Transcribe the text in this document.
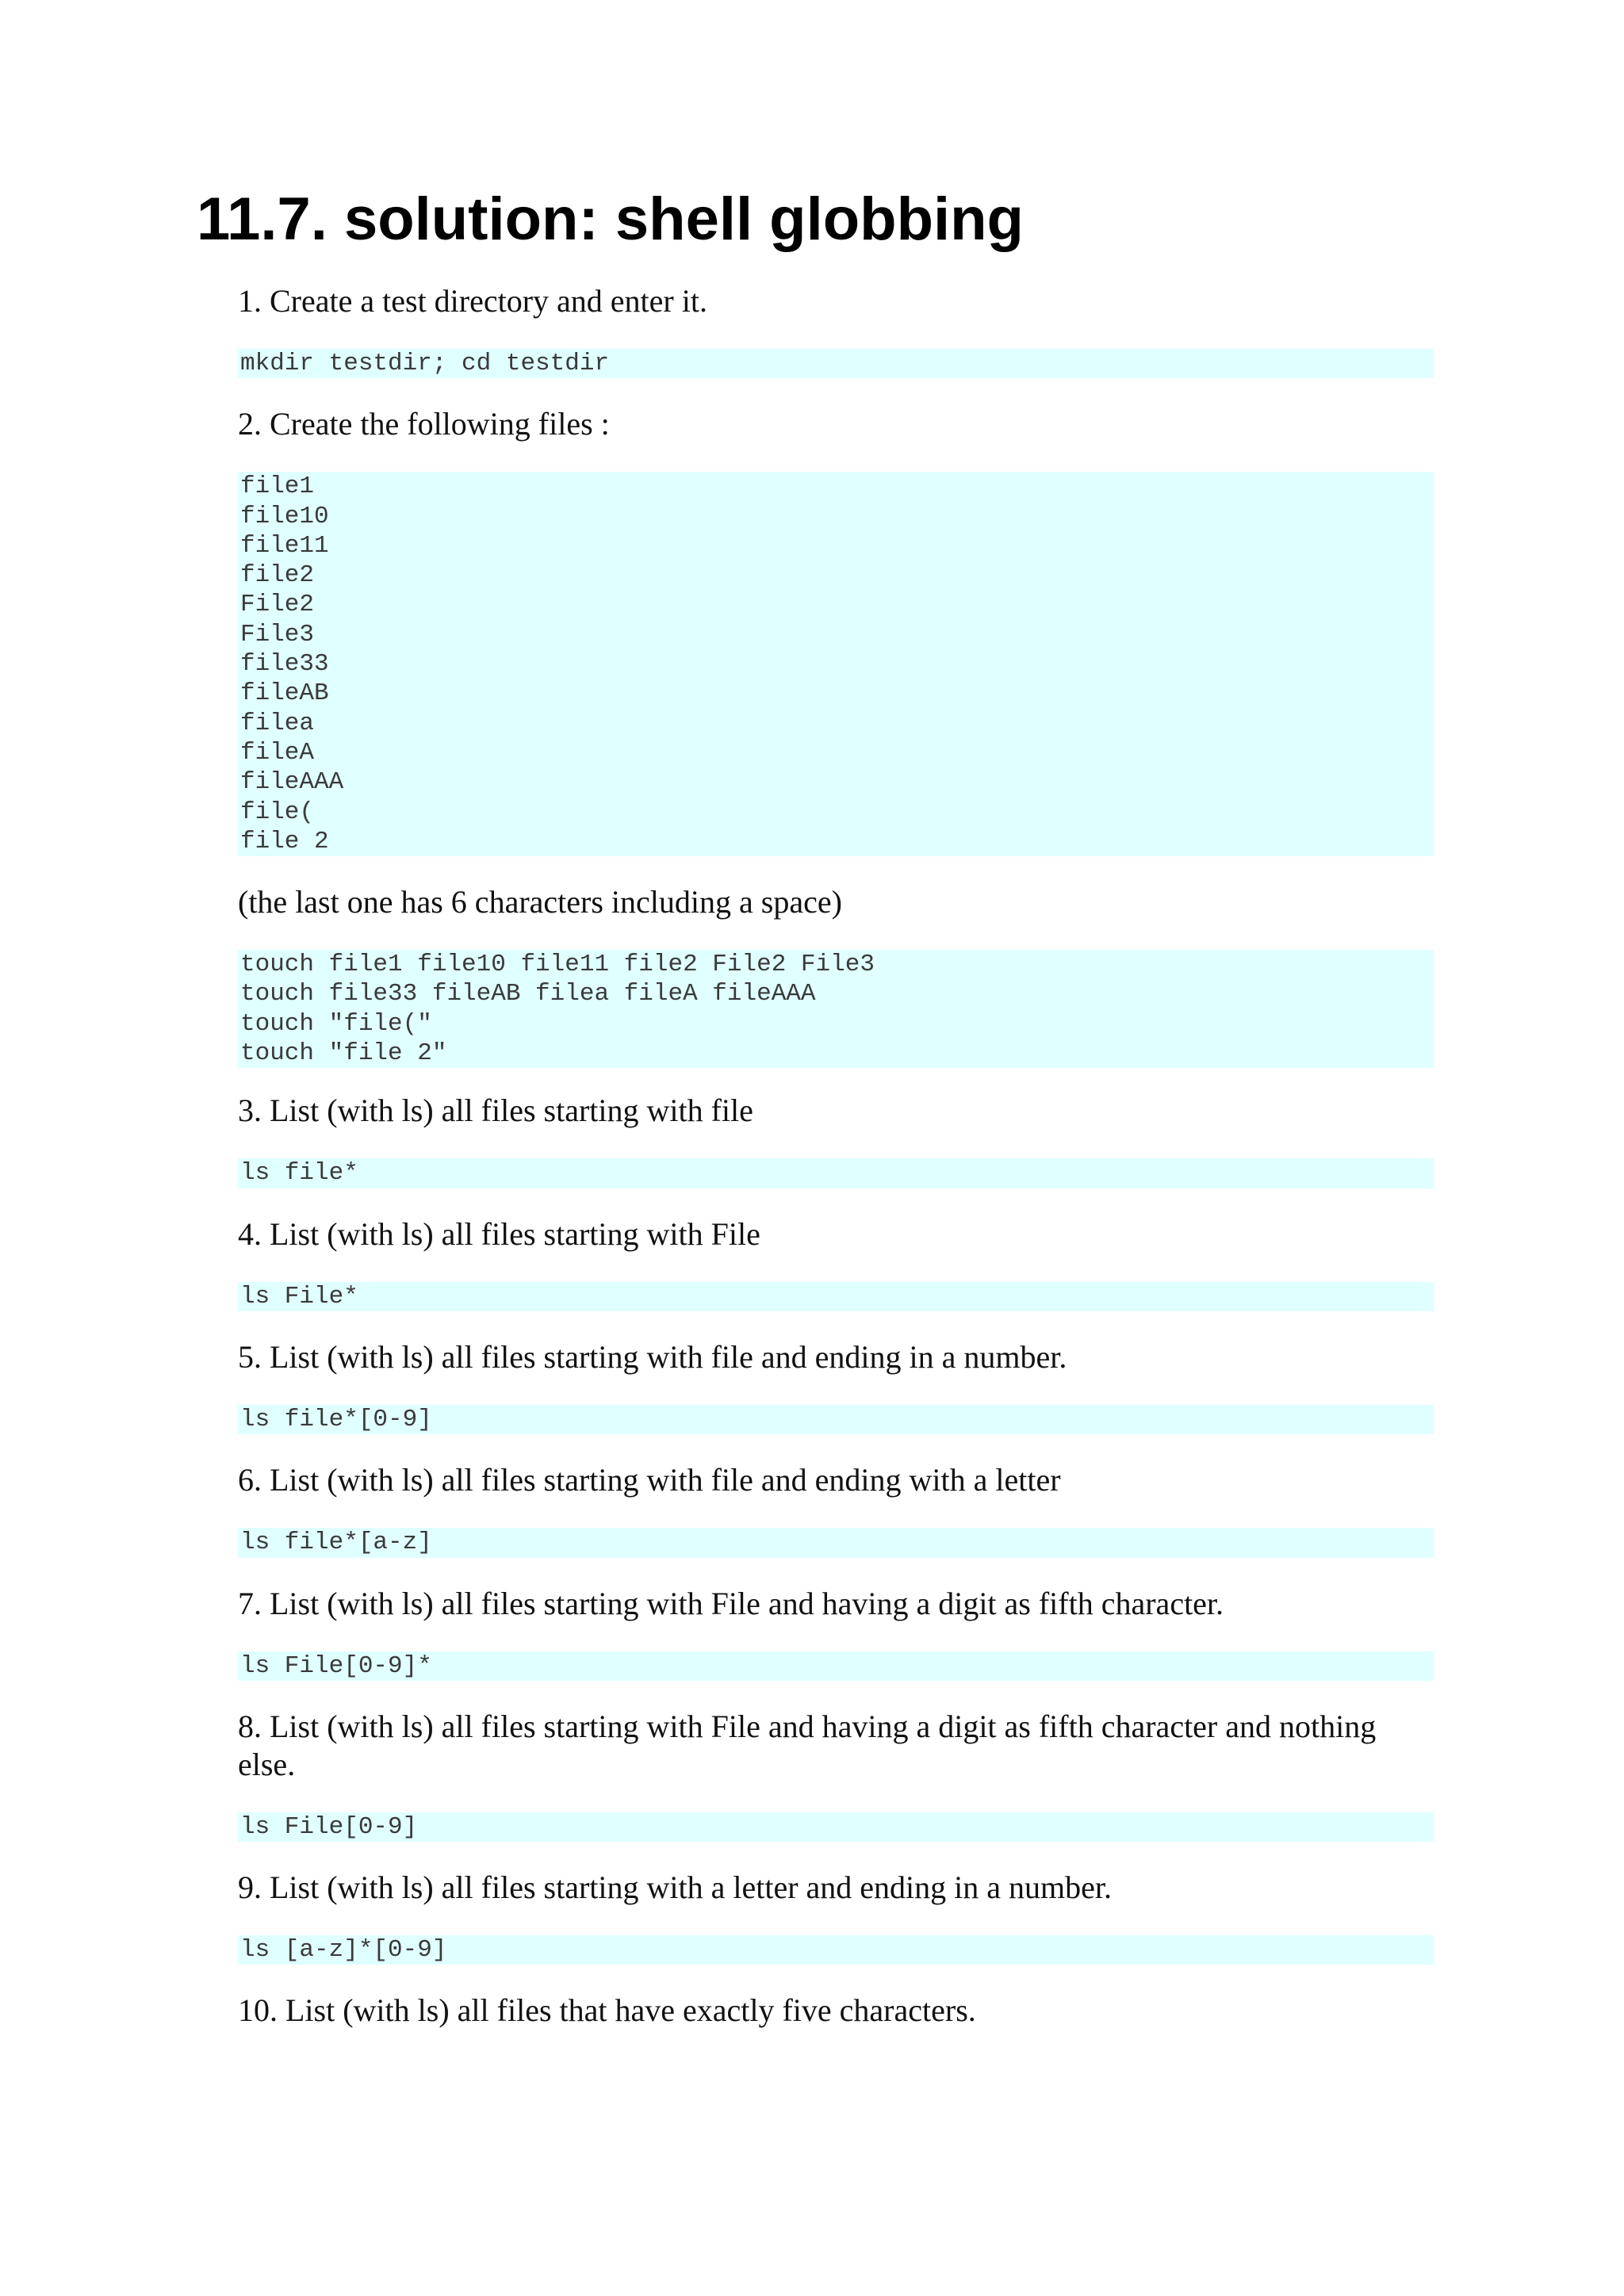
11.7. solution: shell globbing

1. Create a test directory and enter it.

mkdir testdir; cd testdir

2. Create the following files :

file1
file10
file11
file2
File2
File3
file33
fileAB
filea
fileA
fileAAA
file(
file 2

(the last one has 6 characters including a space)

touch file1 file10 file11 file2 File2 File3
touch file33 fileAB filea fileA fileAAA
touch "file("
touch "file 2"

3. List (with ls) all files starting with file

ls file*

4. List (with ls) all files starting with File

ls File*

5. List (with ls) all files starting with file and ending in a number.

ls file*[0-9]

6. List (with ls) all files starting with file and ending with a letter

ls file*[a-z]

7. List (with ls) all files starting with File and having a digit as fifth character.

ls File[0-9]*

8. List (with ls) all files starting with File and having a digit as fifth character and nothing else.

ls File[0-9]

9. List (with ls) all files starting with a letter and ending in a number.

ls [a-z]*[0-9]

10. List (with ls) all files that have exactly five characters.
